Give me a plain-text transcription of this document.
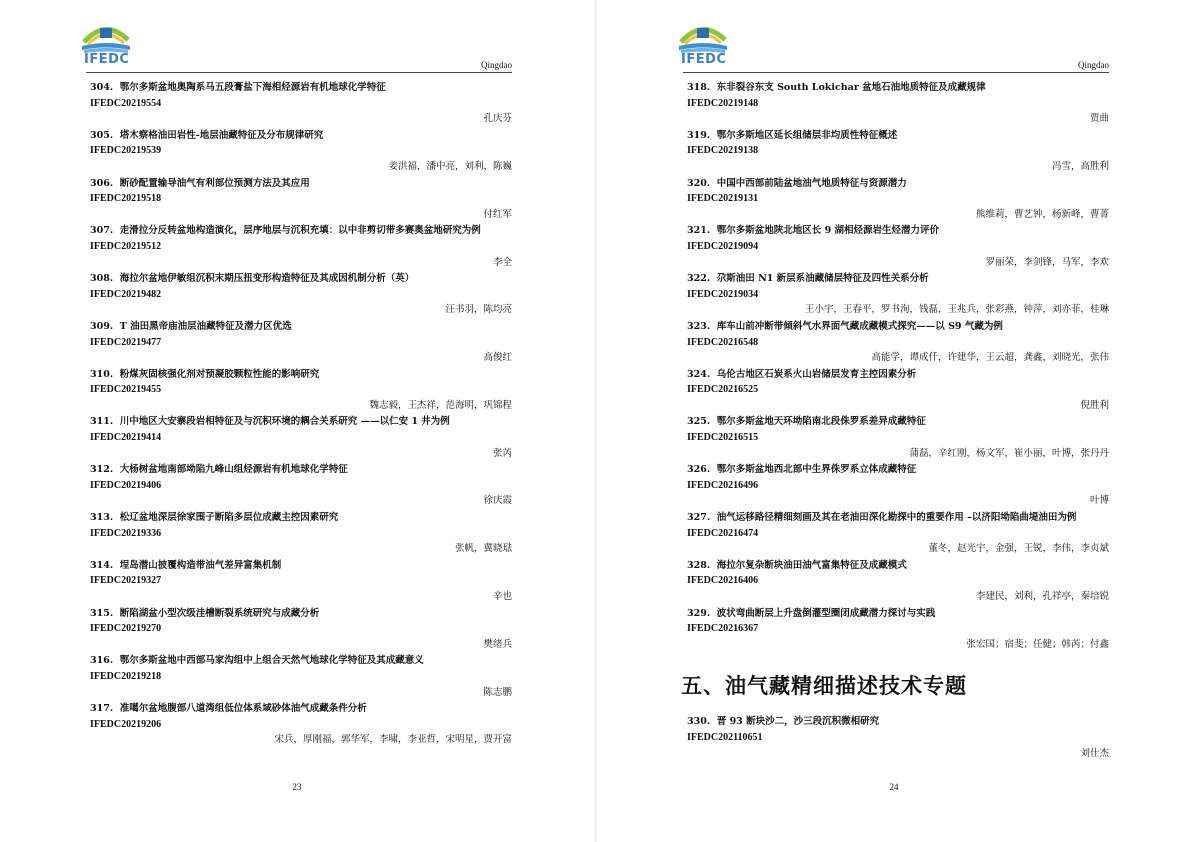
IFEDC	Qingdao
304.
鄂尔多斯盆地奥陶系马五段膏盐下海相烃源岩有机地球化学特征
IFEDC20219554
孔庆芬
305.
塔木察格油田岩性-地层油藏特征及分布规律研究
IFEDC20219539
姜洪福，潘中亮，刘利，陈巍
306.
断砂配置输导油气有利部位预测方法及其应用
IFEDC20219518
付红军
307.
走滑拉分反转盆地构造演化，层序地层与沉积充填：以中非剪切带多赛奥盆地研究为例
IFEDC20219512
李全
308.
海拉尔盆地伊敏组沉积末期压扭变形构造特征及其成因机制分析（英）
IFEDC20219482
汪书羽，陈均亮
309.
T 油田黑帝庙油层油藏特征及潜力区优选
IFEDC20219477
高俊红
310.
粉煤灰固核强化剂对预凝胶颗粒性能的影响研究
IFEDC20219455
魏志毅，王杰祥，范海明，巩锦程
311.
川中地区大安寨段岩相特征及与沉积环境的耦合关系研究 ——以仁安 1 井为例
IFEDC20219414
张芮
312.
大杨树盆地南部坳陷九峰山组烃源岩有机地球化学特征
IFEDC20219406
徐庆霞
313.
松辽盆地深层徐家围子断陷多层位成藏主控因素研究
IFEDC20219336
张帆，冀晓琺
314.
埕岛潜山披覆构造带油气差异富集机制
IFEDC20219327
辛也
315.
断陷湖盆小型次级洼槽断裂系统研究与成藏分析
IFEDC20219270
樊绪兵
316.
鄂尔多斯盆地中西部马家沟组中上组合天然气地球化学特征及其成藏意义
IFEDC20219218
陈志鹏
317.
准噶尔盆地腹部八道湾组低位体系域砂体油气成藏条件分析
IFEDC20219206
宋兵，厚刚福，郭华军，李啸，李亚哲，宋明星，贾开富
23
IFEDC	Qingdao
318.
东非裂谷东支 South Lokichar 盆地石油地质特征及成藏规律
IFEDC20219148
贾曲
319.
鄂尔多斯地区延长组储层非均质性特征概述
IFEDC20219138
冯雪，高胜利
320.
中国中西部前陆盆地油气地质特征与资源潜力
IFEDC20219131
熊维莉，曹艺钟，杨新峰，曹菁
321.
鄂尔多斯盆地陕北地区长 9 湖相烃源岩生烃潜力评价
IFEDC20219094
罗丽荣，李剑锋，马军，李欢
322.
尕斯油田 N1 新层系油藏储层特征及四性关系分析
IFEDC20219034
王小宇，王春平，罗书洵，钱磊，王兆兵，张彩燕，钟萍，刘亦菲，桂琳
323.
库车山前冲断带倾斜气水界面气藏成藏模式探究——以 S9 气藏为例
IFEDC20216548
高能学，谭成仟，许建华，王云超，龚鑫，刘晓光，张伟
324.
乌伦古地区石炭系火山岩储层发育主控因素分析
IFEDC20216525
倪胜利
325.
鄂尔多斯盆地天环坳陷南北段侏罗系差异成藏特征
IFEDC20216515
蒲磊，辛红刚，杨文军，崔小丽，叶博，张丹丹
326.
鄂尔多斯盆地西北部中生界侏罗系立体成藏特征
IFEDC20216496
叶博
327.
油气运移路径精细刻画及其在老油田深化勘探中的重要作用 –以济阳坳陷曲堤油田为例
IFEDC20216474
董冬，赵光宇，金强，王锐，李伟，李贞斌
328.
海拉尔复杂断块油田油气富集特征及成藏模式
IFEDC20216406
李建民，刘利，孔祥亭，秦培锐
329.
波状弯曲断层上升盘倒灌型圈闭成藏潜力探讨与实践
IFEDC20216367
张宏国；宿斐；任健；韩芮；付鑫
五、油气藏精细描述技术专题
330.
晋 93 断块沙二，沙三段沉积微相研究
IFEDC202110651
刘仕杰
24
